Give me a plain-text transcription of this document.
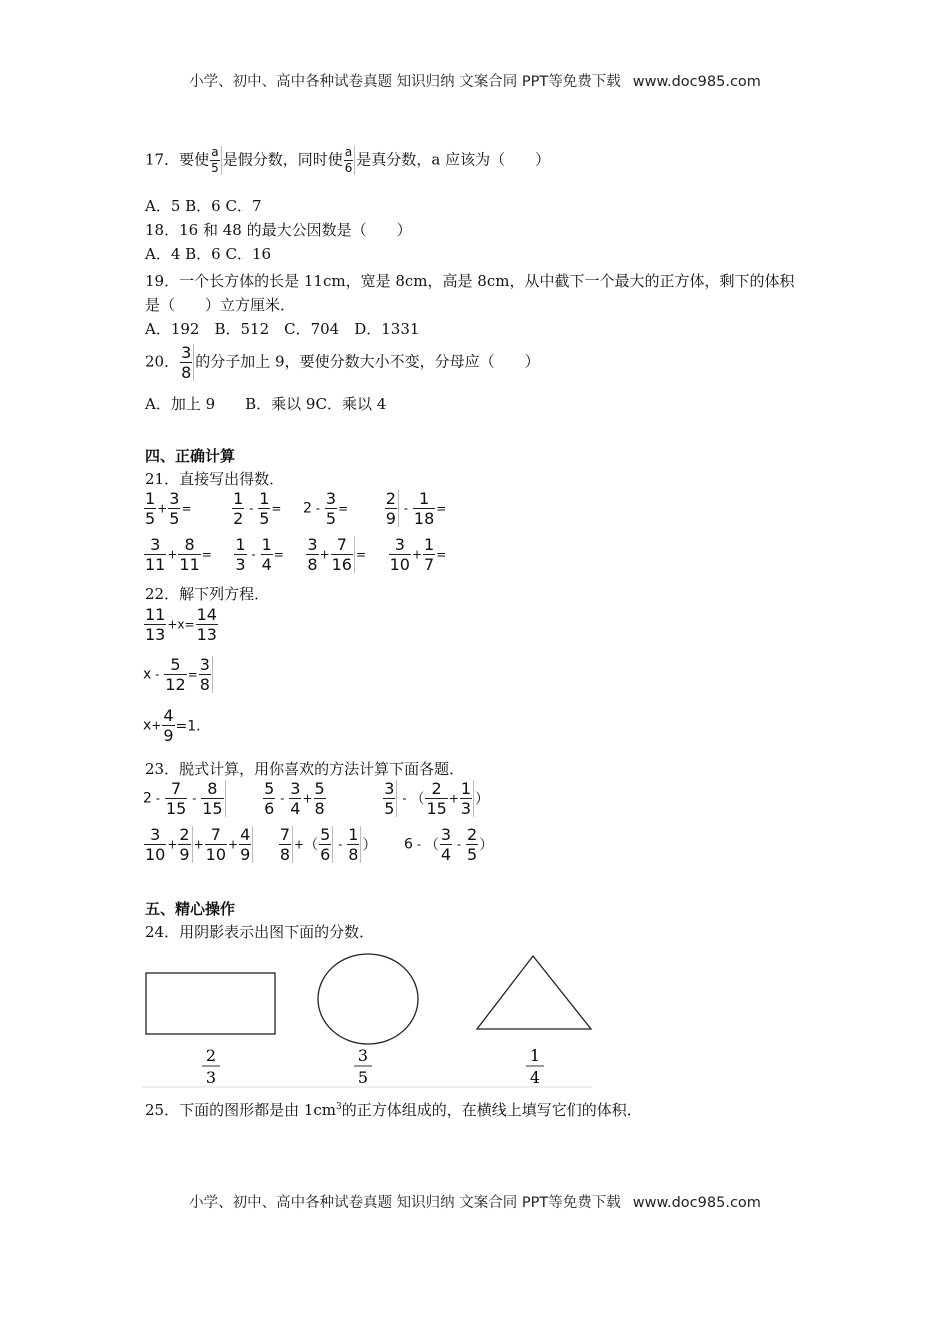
小学、初中、高中各种试卷真题 知识归纳 文案合同 PPT等免费下载 www.doc985.com
17．要使 $\frac{a}{5}$ 是假分数，同时使 $\frac{a}{6}$ 是真分数，a 应该为（　　）
A．5 B．6 C．7
18．16 和 48 的最大公因数是（　　）
A．4 B．6 C．16
19．一个长方体的长是 11cm，宽是 8cm，高是 8cm，从中截下一个最大的正方体，剩下的体积
是（　　）立方厘米．
A．192　B．512　C．704　D．1331
20． $\frac{3}{8}$ 的分子加上 9，要使分数大小不变，分母应（　　）
A．加上 9　　B．乘以 9C．乘以 4
四、正确计算
21．直接写出得数．
$\frac{1}{5} + \frac{3}{5}$ =	$\frac{1}{2} - \frac{1}{5} = 2 - \frac{3}{5} = \frac{2}{9} - \frac{1}{18}$ =
$\frac{3}{11} + \frac{8}{11} = \frac{1}{3} - \frac{1}{4} = \frac{3}{8} + \frac{7}{16} = \frac{3}{10} + \frac{1}{7}$ =
22．解下列方程．
$\frac{11}{13} +x= \frac{14}{13}$
$x - \frac{5}{12} = \frac{3}{8}$
$x+ \frac{4}{9} =1$．
23．脱式计算，用你喜欢的方法计算下面各题．
$2 - \frac{7}{15} - \frac{8}{15}$
$\frac{5}{6} - \frac{3}{4} + \frac{5}{8}$
	$\frac{3}{5}$ - （ $\frac{2}{15} + \frac{1}{3}$ ）
$\frac{3}{10} + \frac{2}{9} + \frac{7}{10} + \frac{4}{9}$
$\frac{7}{8}$ +（ $\frac{5}{6} - \frac{1}{8}$ ） 6 - （ $\frac{3}{4} - \frac{2}{5}$ ）
五、精心操作
24．用阴影表示出图下面的分数．
2
3
3
5
1
4
25．下面的图形都是由 $1cm^3$的正方体组成的，在横线上填写它们的体积．
小学、初中、高中各种试卷真题 知识归纳 文案合同 PPT等免费下载 www.doc985.com
